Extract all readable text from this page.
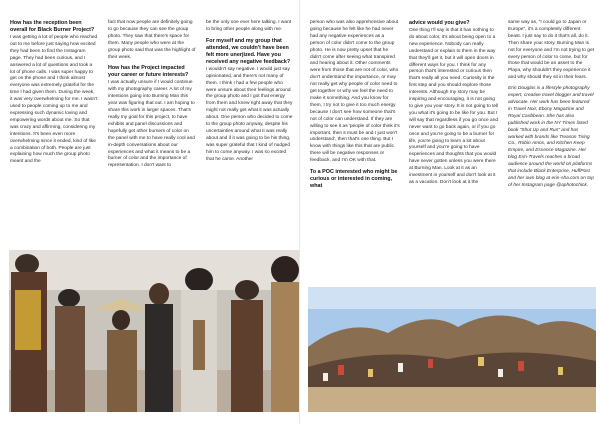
How has the reception been overall for Black Burner Project?

I was getting a lot of people who reached out to me before just saying how excited they had been to find the Instagram page. They had been curious, and I answered a lot of questions and took a lot of phone calls. I was super happy to get on the phone and I think almost everyone was extremely grateful for the time I had given them. During the week, it was very overwhelming for me. I wasn't used to people coming up to me and expressing such dynamic loving and empowering words about me. So that was crazy and affirming, considering my intentions. It's been even more overwhelming since it ended, kind of like a combination of both. People are just explaining how much the group photo meant and the

fact that now people are definitely going to go because they can see the group photo. They saw that there's space for them. Many people who were at the group photo said that was the highlight of their week.

How has the Project impacted your career or future interests?

I was actually unsure if I would continue with my photography career. A lot of my intentions going into Burning Man this year was figuring that out. I am hoping to share this work in larger spaces. That's really my goal for this project, to have exhibits and panel discussions and hopefully get other burners of color on the panel with me to have really cool and in-depth conversations about our experiences and what it means to be a burner of color and the importance of representation. I don't want to

be the only one ever here talking. I want to bring other people along with me.

For myself and my group that attended, we couldn't have been felt more unerjized. Have you received any negative feedback?

I wouldn't say negative. I would just say opinionated, and there's not many of them. I think I had a few people who were unsure about their feelings around the group photo and I got that energy from them and knew right away that they might not really get what it was actually about. One person who decided to come to the group photo anyway, despite his uncertainties around what it was really about and if it was going to be his thing, was super grateful that I kind of nudged him to come anyway. I was so excited that he came. Another

person who was also apprehensive about going because he felt like he had never had any negative experiences as a person of color didn't come to the group photo. He is now pretty upset that he didn't come after seeing what transpired and hearing about it. Other comments were from those that are not of color, who don't understand the importance, or may not really get why people of color need to get together or why we feel the need to make it something. And you know for them, I try not to give it too much energy because I don't see how someone that's not of color can understand. If they are willing to see it as 'people of color think it's important, then it must be and I just won't understand', then that's one thing. But I know with things like this that are public there will be negative responses or feedback, and I'm OK with that.

To a POC interested who might be curious or interested in coming, what
advice would you give?

One thing I'll say is that it has nothing to do about color, it's about being open to a new experience. Nobody can really understand or explain to them in the way that they'll get it, but it will open doors in different ways for you. I think for any person that's interested or curious then that's really all you need. Curiosity is the first step and you should explore those interests. Although my story may be inspiring and encouraging, it is not going to give you your story. It is not going to tell you what it's going to be like for you. But I will say that regardless if you go once and never want to go back again, or if you go once and you're going to be a burner for life, you're going to learn a lot about yourself and you're going to have experiences and thoughts that you would have never gotten unless you were there at Burning Man. Look at it as an investment in yourself and don't look at it as a vacation. Don't look at it the

same way as, "I could go to Japan or Europe", it's a completely different beast. I just say to do it that's all, do it. Then share your story. Burning Man is not for everyone and I'm not trying to get every person of color to come, but for those that would be an asset to the Playa, why shouldn't they experience it and why should they sit in their fears.

Erin Douglas is a lifestyle photography expert, creative travel blogger and travel advocate. Her work has been featured in Travel Noir, Ebony Magazine and Royal Caribbean. She has also published work in the NY Times listed book "Shut Up and Run" and has worked with brands like Treason Tiring Co., Robin Amos, and Kitchen Keep Empire, and Essence Magazine. Her blog Erin-Travels reaches a broad audience around the world on platforms that include Black Enterprise, HuffPost and her own blog at erin-sha.com on top of her Instagram page @aphotochick.
